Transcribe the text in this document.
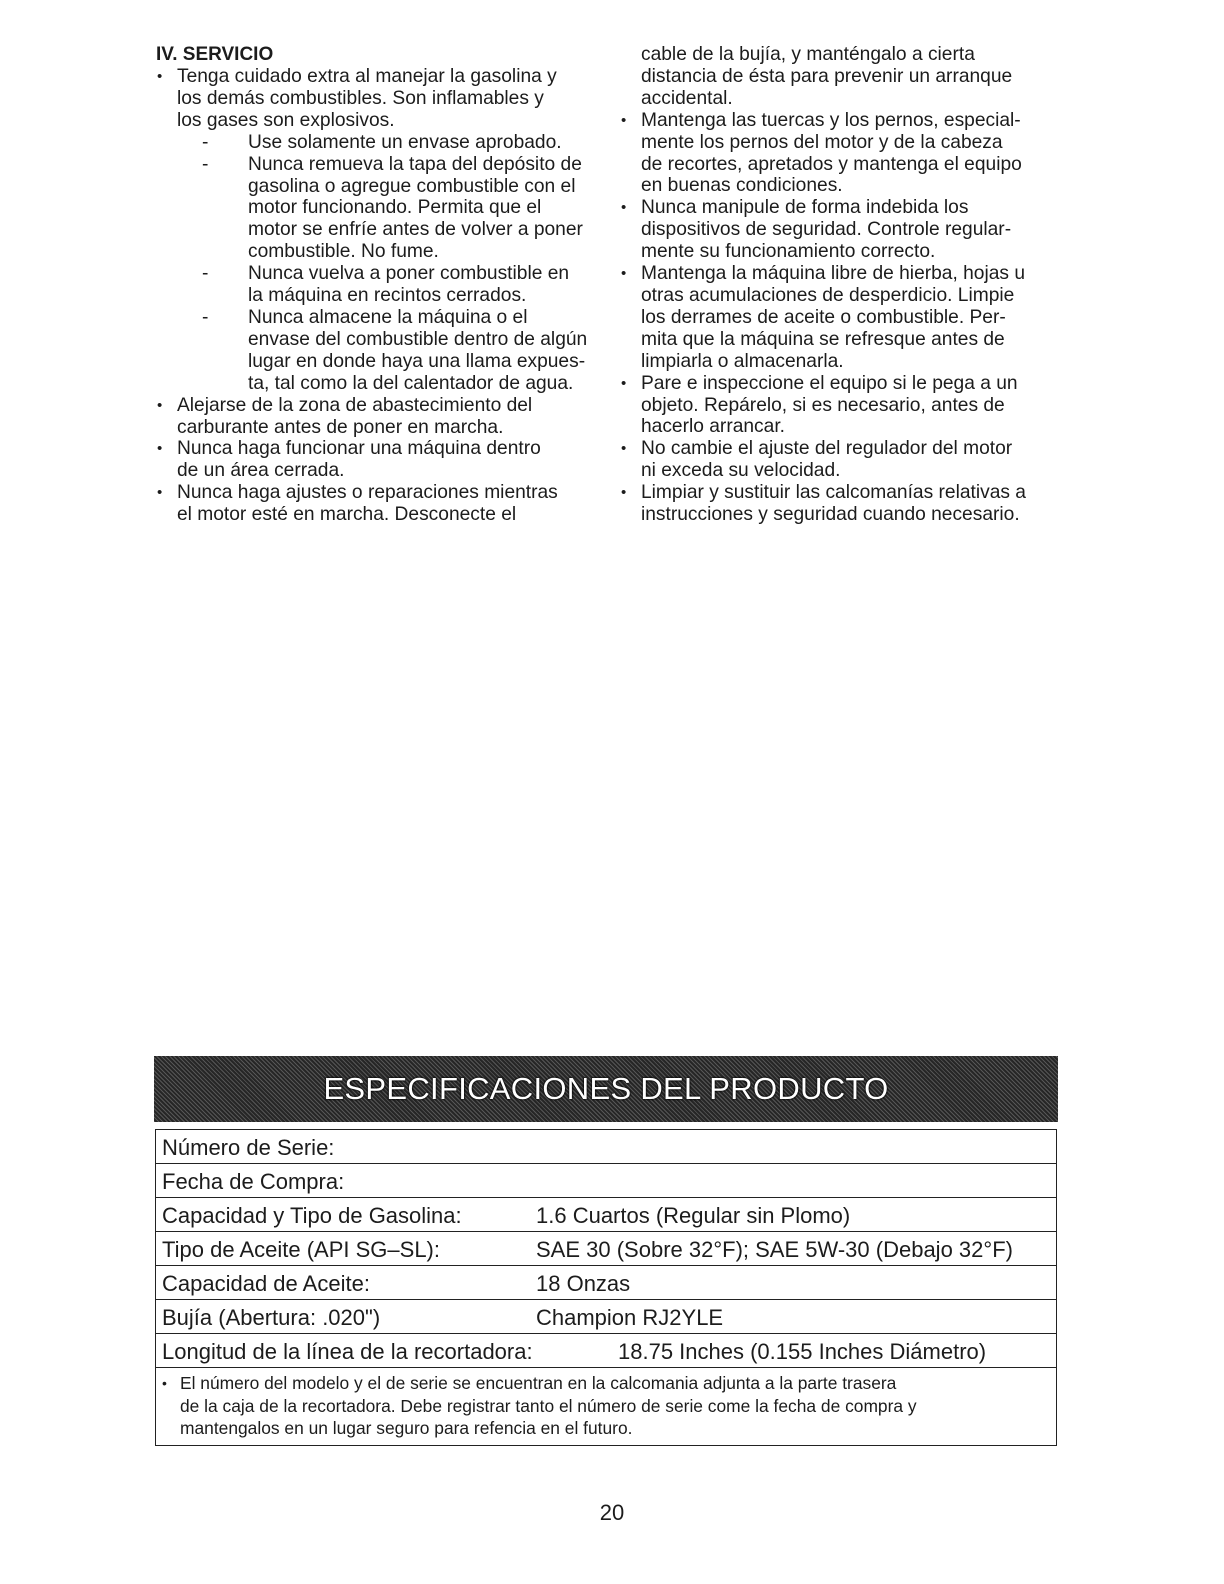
IV. SERVICIO
• Tenga cuidado extra al manejar la gasolina y
los demás combustibles. Son inflamables y
los gases son explosivos.
- Use solamente un envase aprobado.
- Nunca remueva la tapa del depósito de
gasolina o agregue combustible con el
motor funcionando. Permita que el
motor se enfríe antes de volver a poner
combustible. No fume.
- Nunca vuelva a poner combustible en
la máquina en recintos cerrados.
- Nunca almacene la máquina o el
envase del combustible dentro de algún
lugar en donde haya una llama expues-
ta, tal como la del calentador de agua.
• Alejarse de la zona de abastecimiento del
carburante antes de poner en marcha.
• Nunca haga funcionar una máquina dentro
de un área cerrada.
• Nunca haga ajustes o reparaciones mientras
el motor esté en marcha. Desconecte el
cable de la bujía, y manténgalo a cierta
distancia de ésta para prevenir un arranque
accidental.
• Mantenga las tuercas y los pernos, especial-
mente los pernos del motor y de la cabeza
de recortes, apretados y mantenga el equipo
en buenas condiciones.
• Nunca manipule de forma indebida los
dispositivos de seguridad. Controle regular-
mente su funcionamiento correcto.
• Mantenga la máquina libre de hierba, hojas u
otras acumulaciones de desperdicio. Limpie
los derrames de aceite o combustible. Per-
mita que la máquina se refresque antes de
limpiarla o almacenarla.
• Pare e inspeccione el equipo si le pega a un
objeto. Repárelo, si es necesario, antes de
hacerlo arrancar.
• No cambie el ajuste del regulador del motor
ni exceda su velocidad.
• Limpiar y sustituir las calcomanías relativas a
instrucciones y seguridad cuando necesario.
ESPECIFICACIONES DEL PRODUCTO
Número de Serie:
Fecha de Compra:
Capacidad y Tipo de Gasolina:	1.6 Cuartos (Regular sin Plomo)
Tipo de Aceite (API SG–SL):	SAE 30 (Sobre 32°F); SAE 5W-30 (Debajo 32°F)
Capacidad de Aceite:	18 Onzas
Bujía (Abertura: .020")	Champion RJ2YLE
Longitud de la línea de la recortadora:	18.75 Inches (0.155 Inches Diámetro)
• El número del modelo y el de serie se encuentran en la calcomania adjunta a la parte trasera
de la caja de la recortadora. Debe registrar tanto el número de serie come la fecha de compra y
mantengalos en un lugar seguro para refencia en el futuro.
20
